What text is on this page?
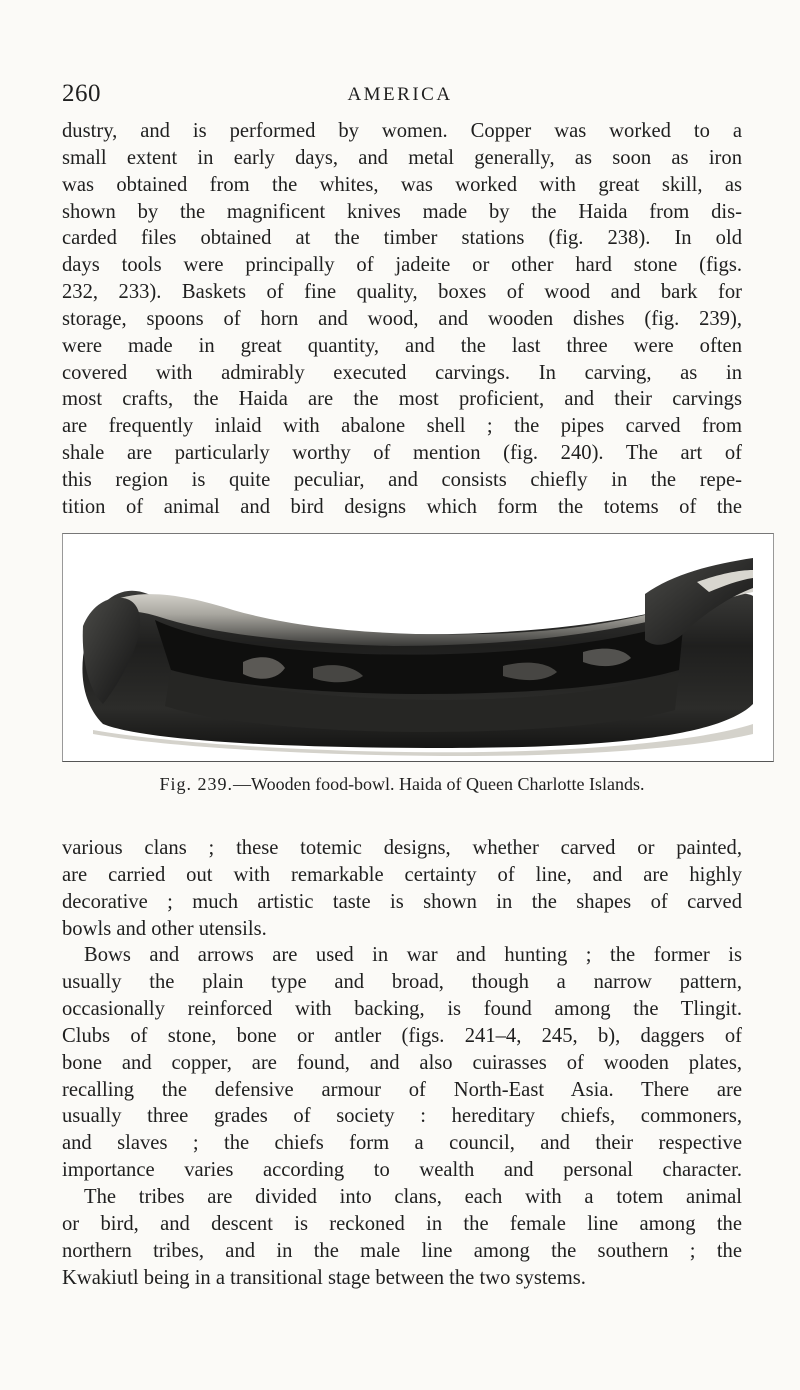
260	AMERICA
dustry, and is performed by women. Copper was worked to a
small extent in early days, and metal generally, as soon as iron
was obtained from the whites, was worked with great skill, as
shown by the magnificent knives made by the Haida from dis-
carded files obtained at the timber stations (fig. 238). In old
days tools were principally of jadeite or other hard stone (figs.
232, 233). Baskets of fine quality, boxes of wood and bark for
storage, spoons of horn and wood, and wooden dishes (fig. 239),
were made in great quantity, and the last three were often
covered with admirably executed carvings. In carving, as in
most crafts, the Haida are the most proficient, and their carvings
are frequently inlaid with abalone shell ; the pipes carved from
shale are particularly worthy of mention (fig. 240). The art of
this region is quite peculiar, and consists chiefly in the repe-
tition of animal and bird designs which form the totems of the
Fig. 239.—Wooden food-bowl. Haida of Queen Charlotte Islands.
various clans ; these totemic designs, whether carved or painted,
are carried out with remarkable certainty of line, and are highly
decorative ; much artistic taste is shown in the shapes of carved
bowls and other utensils.
Bows and arrows are used in war and hunting ; the former is
usually the plain type and broad, though a narrow pattern,
occasionally reinforced with backing, is found among the Tlingit.
Clubs of stone, bone or antler (figs. 241–4, 245, b), daggers of
bone and copper, are found, and also cuirasses of wooden plates,
recalling the defensive armour of North-East Asia. There are
usually three grades of society : hereditary chiefs, commoners,
and slaves ; the chiefs form a council, and their respective
importance varies according to wealth and personal character.
The tribes are divided into clans, each with a totem animal
or bird, and descent is reckoned in the female line among the
northern tribes, and in the male line among the southern ; the
Kwakiutl being in a transitional stage between the two systems.
